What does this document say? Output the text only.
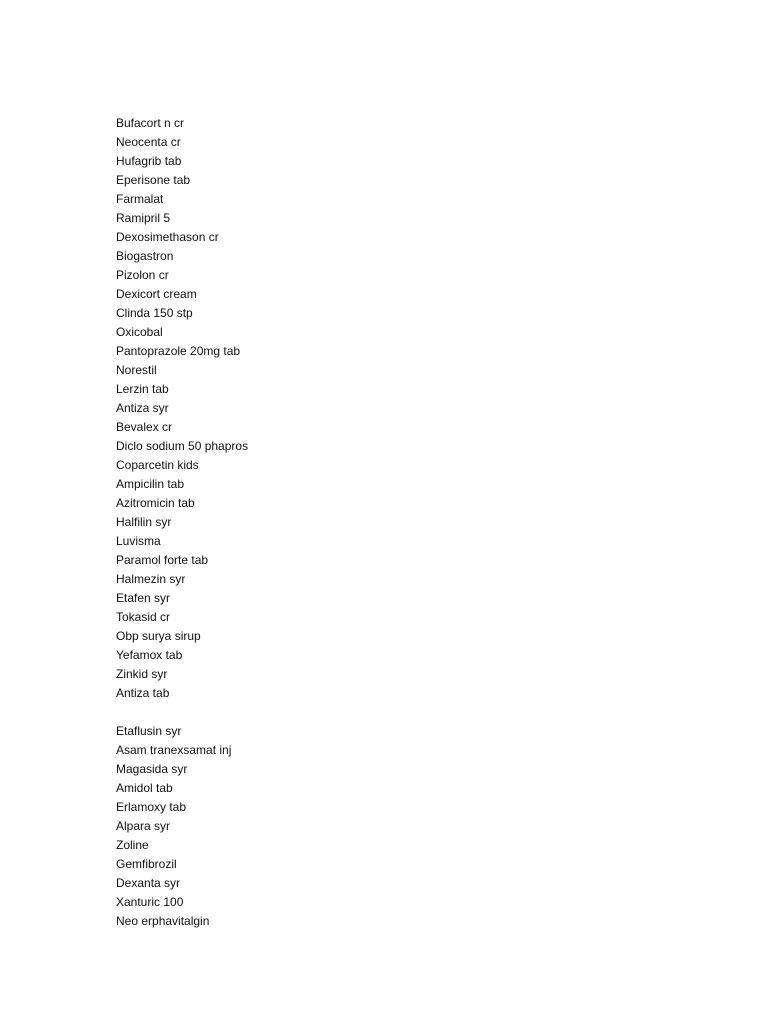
Bufacort n cr
Neocenta cr
Hufagrib tab
Eperisone tab
Farmalat
Ramipril 5
Dexosimethason cr
Biogastron
Pizolon cr
Dexicort cream
Clinda 150 stp
Oxicobal
Pantoprazole 20mg tab
Norestil
Lerzin tab
Antiza syr
Bevalex cr
Diclo sodium 50 phapros
Coparcetin kids
Ampicilin tab
Azitromicin tab
Halfilin syr
Luvisma
Paramol forte tab
Halmezin syr
Etafen syr
Tokasid cr
Obp surya sirup
Yefamox tab
Zinkid syr
Antiza tab
Etaflusin syr
Asam tranexsamat inj
Magasida syr
Amidol tab
Erlamoxy tab
Alpara syr
Zoline
Gemfibrozil
Dexanta syr
Xanturic 100
Neo erphavitalgin
